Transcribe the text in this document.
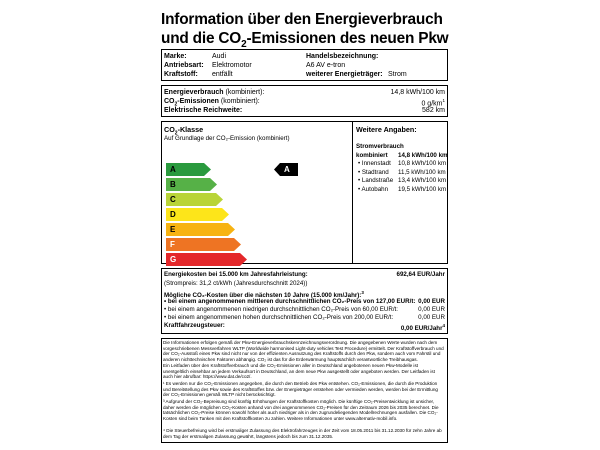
Information über den Energieverbrauch
und die $CO_2$-Emissionen des neuen Pkw
Marke:	Audi
Antriebsart: Elektromotor
Kraftstoff: entfällt
Handelsbezeichnung:
A6 AV e-tron
weiterer Energieträger: Strom
Energieverbrauch (kombiniert):	14,8 kWh/100 km
$CO_2$-Emissionen (kombiniert):	0 $g/km^1$
Elektrische Reichweite:	582 km
$CO_2$-Klasse
Auf Grundlage der CO₂-Emission (kombiniert)
A
B
C
D
E
F
G
A
Weitere Angaben:
Stromverbrauch
kombiniert 14,8 kWh/100 km
• Innenstadt 10,8 kWh/100 km
• Stadtrand 11,5 kWh/100 km
• Landstraße 13,4 kWh/100 km
• Autobahn 19,5 kWh/100 km
Energiekosten bei 15.000 km Jahresfahrleistung:	692,64 EUR/Jahr
(Strompreis: 31,2 ct/kWh (Jahresdurchschnitt 2024))
Mögliche CO₂-Kosten über die nächsten 10 Jahre (15.000 km/Jahr):$^3$
• bei einem angenommenen mittleren durchschnittlichen CO₂-Preis von 127,00 EUR/t: 0,00 EUR
• bei einem angenommenen niedrigen durchschnittlichen CO₂-Preis von 60,00 EUR/t:	0,00 EUR
• bei einem angenommenen hohen durchschnittlichen CO₂-Preis von 200,00 EUR/t:	0,00 EUR
Kraftfahrzeugsteuer:	0,00 EUR/Jahr$^4$
Die Informationen erfolgen gemäß der Pkw-Energieverbrauchskennzeichnungsverordnung. Die angegebenen Werte wurden nach dem vorgeschriebenen Messverfahren WLTP (Worldwide harmonised Light-duty vehicles Test Procedure) ermittelt. Der Kraftstoffverbrauch und der CO₂-Ausstoß eines Pkw sind nicht nur von der effizienten Ausnutzung des Kraftstoffs durch den Pkw, sondern auch vom Fahrstil und anderen nichttechnischen Faktoren abhängig. CO₂ ist das für die Erderwärmung hauptsächlich verantwortliche Treibhausgas.
Ein Leitfaden über den Kraftstoffverbrauch und die CO₂-Emissionen aller in Deutschland angebotenen neuen Pkw-Modelle ist unentgeltlich einsehbar an jedem Verkaufsort in Deutschland, an dem neue Pkw ausgestellt oder angeboten werden. Der Leitfaden ist auch hier abrufbar: https://www.dat.de/co2/.
¹ Es werden nur die CO₂-Emissionen angegeben, die durch den Betrieb des Pkw entstehen. CO₂-Emissionen, die durch die Produktion und Bereitstellung des Pkw sowie des Kraftstoffes bzw. der Energieträger entstehen oder vermieden werden, werden bei der Ermittlung der CO₂-Emissionen gemäß WLTP nicht berücksichtigt.
³ Aufgrund der CO₂-Bepreisung sind künftig Erhöhungen der Kraftstoffkosten möglich. Die künftige CO₂-Preisentwicklung ist unsicher, daher werden die möglichen CO₂-Kosten anhand von drei angenommenen CO₂-Preisen für den Zeitraum 2026 bis 2035 berechnet. Die tatsächlichen CO₂-Preise können sowohl höher als auch niedriger als in den zugrundeliegenden Modellrechnungen ausfallen. Die CO₂-Kosten sind beim Tanken mit den Kraftstoffkosten zu zahlen. Weitere Informationen unter www.alternativ-mobil.info.
⁴ Die Steuerbefreiung wird bei erstmaliger Zulassung des Elektrofahrzeuges in der Zeit vom 18.05.2011 bis 31.12.2030 für zehn Jahre ab dem Tag der erstmaligen Zulassung gewährt, längstens jedoch bis zum 31.12.2035.
